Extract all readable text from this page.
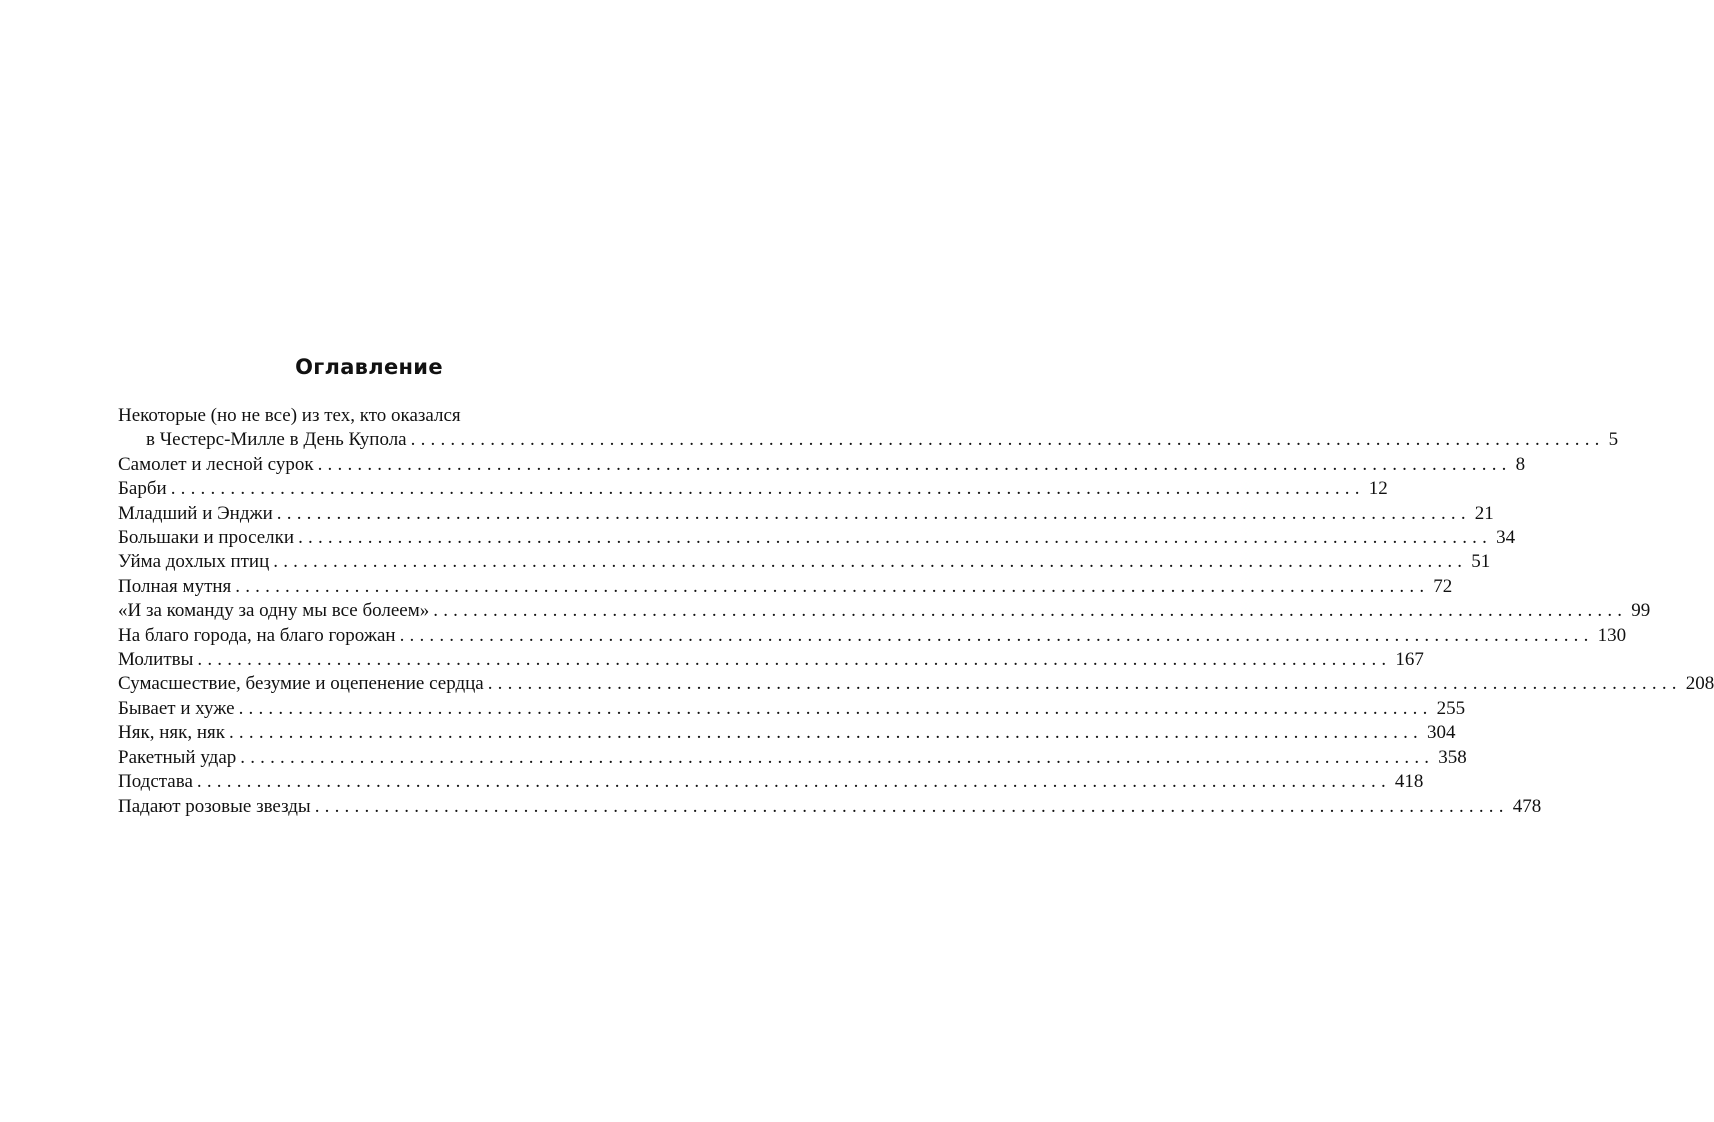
Оглавление
Некоторые (но не все) из тех, кто оказался
в Честерс-Милле в День Купола ........................................................................................................................ 5
Самолет и лесной сурок ........................................................................................................................ 8
Барби ........................................................................................................................ 12
Младший и Энджи ........................................................................................................................ 21
Большаки и проселки ........................................................................................................................ 34
Уйма дохлых птиц ........................................................................................................................ 51
Полная мутня ........................................................................................................................ 72
«И за команду за одну мы все болеем» ........................................................................................................................ 99
На благо города, на благо горожан ........................................................................................................................ 130
Молитвы ........................................................................................................................ 167
Сумасшествие, безумие и оцепенение сердца ........................................................................................................................ 208
Бывает и хуже ........................................................................................................................ 255
Няк, няк, няк ........................................................................................................................ 304
Ракетный удар ........................................................................................................................ 358
Подстава ........................................................................................................................ 418
Падают розовые звезды ........................................................................................................................ 478
